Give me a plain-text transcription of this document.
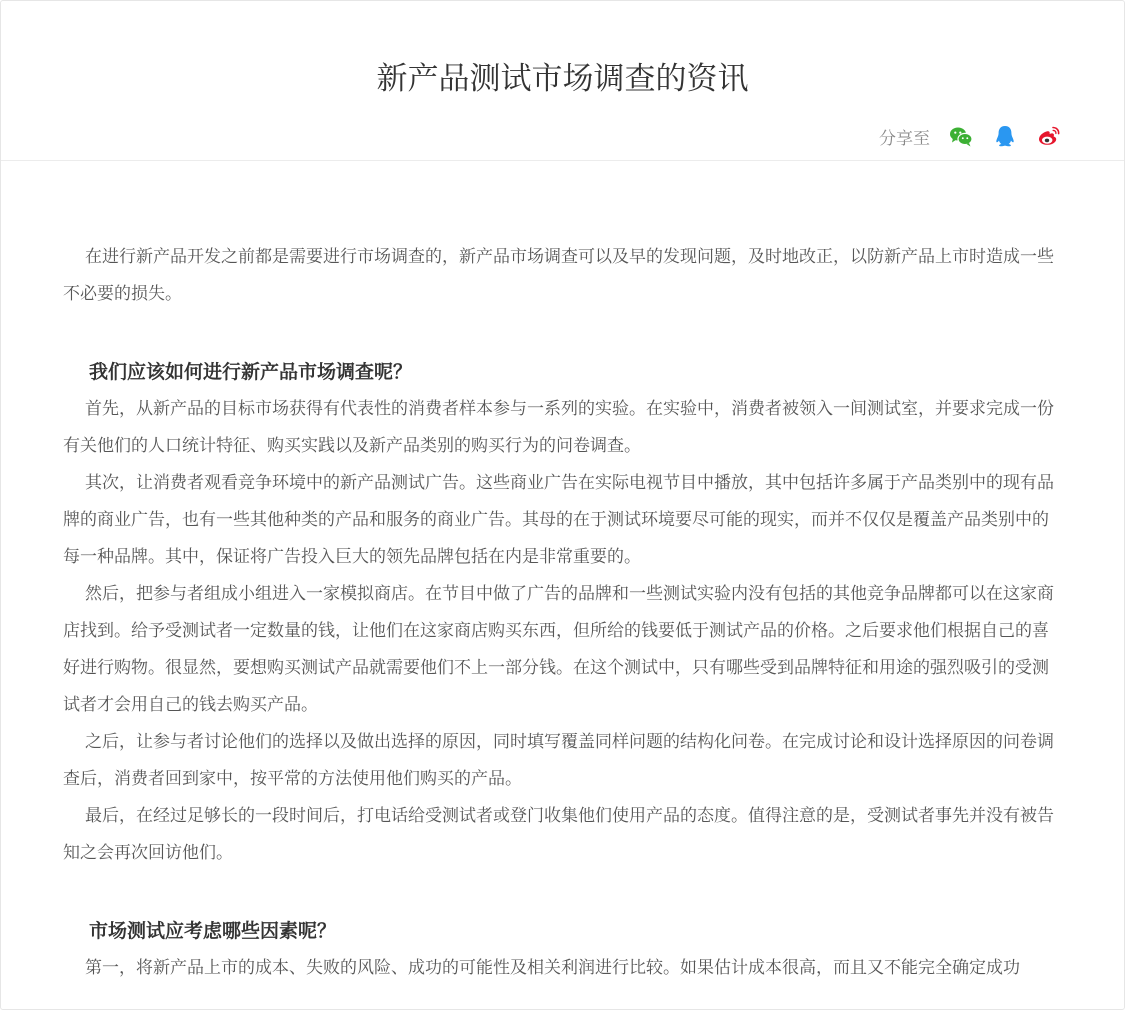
新产品测试市场调查的资讯
分享至

在进行新产品开发之前都是需要进行市场调查的，新产品市场调查可以及早的发现问题，及时地改正，以防新产品上市时造成一些不必要的损失。

我们应该如何进行新产品市场调查呢？

首先，从新产品的目标市场获得有代表性的消费者样本参与一系列的实验。在实验中，消费者被领入一间测试室，并要求完成一份有关他们的人口统计特征、购买实践以及新产品类别的购买行为的问卷调查。

其次，让消费者观看竞争环境中的新产品测试广告。这些商业广告在实际电视节目中播放，其中包括许多属于产品类别中的现有品牌的商业广告，也有一些其他种类的产品和服务的商业广告。其母的在于测试环境要尽可能的现实，而并不仅仅是覆盖产品类别中的每一种品牌。其中，保证将广告投入巨大的领先品牌包括在内是非常重要的。

然后，把参与者组成小组进入一家模拟商店。在节目中做了广告的品牌和一些测试实验内没有包括的其他竞争品牌都可以在这家商店找到。给予受测试者一定数量的钱，让他们在这家商店购买东西，但所给的钱要低于测试产品的价格。之后要求他们根据自己的喜好进行购物。很显然，要想购买测试产品就需要他们不上一部分钱。在这个测试中，只有哪些受到品牌特征和用途的强烈吸引的受测试者才会用自己的钱去购买产品。

之后，让参与者讨论他们的选择以及做出选择的原因，同时填写覆盖同样问题的结构化问卷。在完成讨论和设计选择原因的问卷调查后，消费者回到家中，按平常的方法使用他们购买的产品。

最后，在经过足够长的一段时间后，打电话给受测试者或登门收集他们使用产品的态度。值得注意的是，受测试者事先并没有被告知之会再次回访他们。

市场测试应考虑哪些因素呢？

第一，将新产品上市的成本、失败的风险、成功的可能性及相关利润进行比较。如果估计成本很高，而且又不能完全确定成功
